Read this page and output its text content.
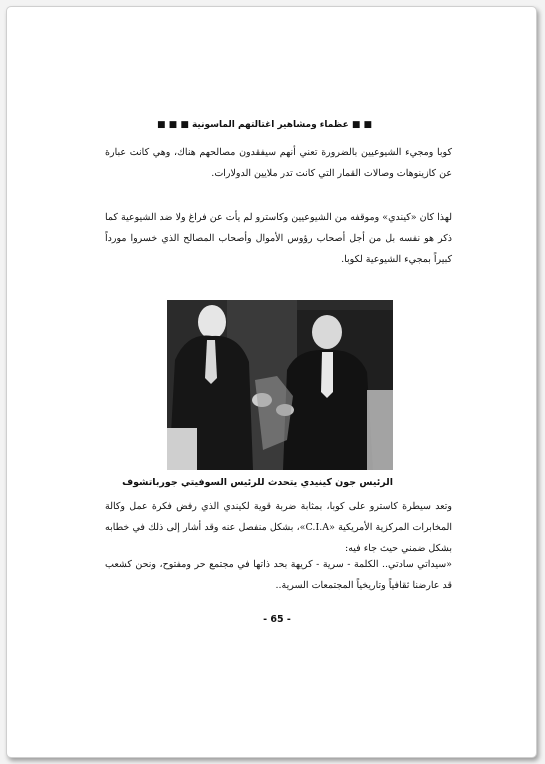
■ ■ عظماء ومشاهير اغتالتهم الماسونية ■ ■ ■

كوبا ومجيء الشيوعيين بالضرورة تعني أنهم سيفقدون مصالحهم هناك، وهي كانت عبارة عن كازينوهات وصالات القمار التي كانت تدر ملايين الدولارات.

لهذا كان «كيندي» وموقفه من الشيوعيين وكاسترو لم يأت عن فراغ ولا ضد الشيوعية كما ذكر هو نفسه بل من أجل أصحاب رؤوس الأموال وأصحاب المصالح الذي خسروا مورداً كبيراً بمجيء الشيوعية لكوبا.

الرئيس جون كينيدي يتحدث للرئيس السوفيتي جورباتشوف

وتعد سيطرة كاسترو على كوبا، بمثابة ضربة قوية لكيندي الذي رفض فكرة عمل وكالة المخابرات المركزية الأمريكية «C.I.A»، بشكل منفصل عنه وقد أشار إلى ذلك في خطابه بشكل ضمني حيث جاء فيه:

«سيداتي سادتي.. الكلمة - سرية - كريهة بحد ذاتها في مجتمع حر ومفتوح، ونحن كشعب قد عارضنا ثقافياً وتاريخياً المجتمعات السرية..

- 65 -
